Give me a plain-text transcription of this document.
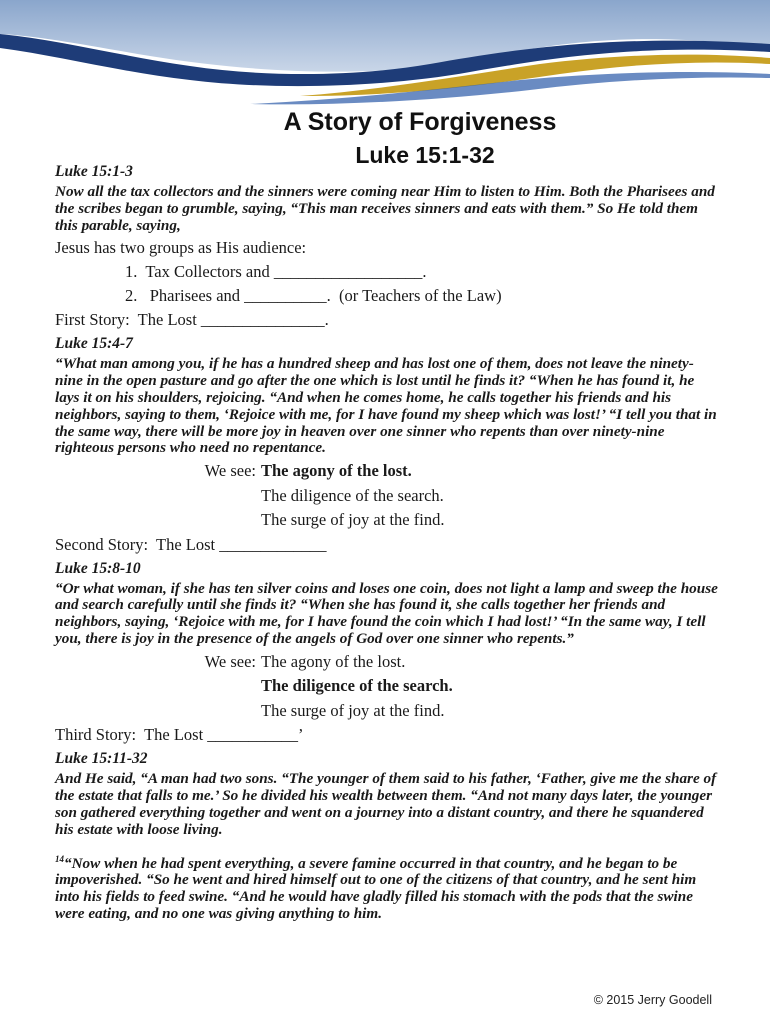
A Story of Forgiveness
Luke 15:1-32
Luke 15:1-3
Now all the tax collectors and the sinners were coming near Him to listen to Him. Both the Pharisees and the scribes began to grumble, saying, “This man receives sinners and eats with them.” So He told them this parable, saying,
Jesus has two groups as His audience:
1.  Tax Collectors and __________________.
2.   Pharisees and __________.  (or Teachers of the Law)
First Story:  The Lost _______________.
Luke 15:4-7
“What man among you, if he has a hundred sheep and has lost one of them, does not leave the ninety-nine in the open pasture and go after the one which is lost until he finds it? “When he has found it, he lays it on his shoulders, rejoicing. “And when he comes home, he calls together his friends and his neighbors, saying to them, ‘Rejoice with me, for I have found my sheep which was lost!’ “I tell you that in the same way, there will be more joy in heaven over one sinner who repents than over ninety-nine righteous persons who need no repentance.
We see: The agony of the lost.
The diligence of the search.
The surge of joy at the find.
Second Story:  The Lost _____________
Luke 15:8-10
“Or what woman, if she has ten silver coins and loses one coin, does not light a lamp and sweep the house and search carefully until she finds it? “When she has found it, she calls together her friends and neighbors, saying, ‘Rejoice with me, for I have found the coin which I had lost!’ “In the same way, I tell you, there is joy in the presence of the angels of God over one sinner who repents.”
We see: The agony of the lost.
The diligence of the search.
The surge of joy at the find.
Third Story:  The Lost ___________’
Luke 15:11-32
And He said, “A man had two sons. “The younger of them said to his father, ‘Father, give me the share of the estate that falls to me.’ So he divided his wealth between them. “And not many days later, the younger son gathered everything together and went on a journey into a distant country, and there he squandered his estate with loose living.
$^{14}$“Now when he had spent everything, a severe famine occurred in that country, and he began to be impoverished. “So he went and hired himself out to one of the citizens of that country, and he sent him into his fields to feed swine. “And he would have gladly filled his stomach with the pods that the swine were eating, and no one was giving anything to him.
© 2015 Jerry Goodell
